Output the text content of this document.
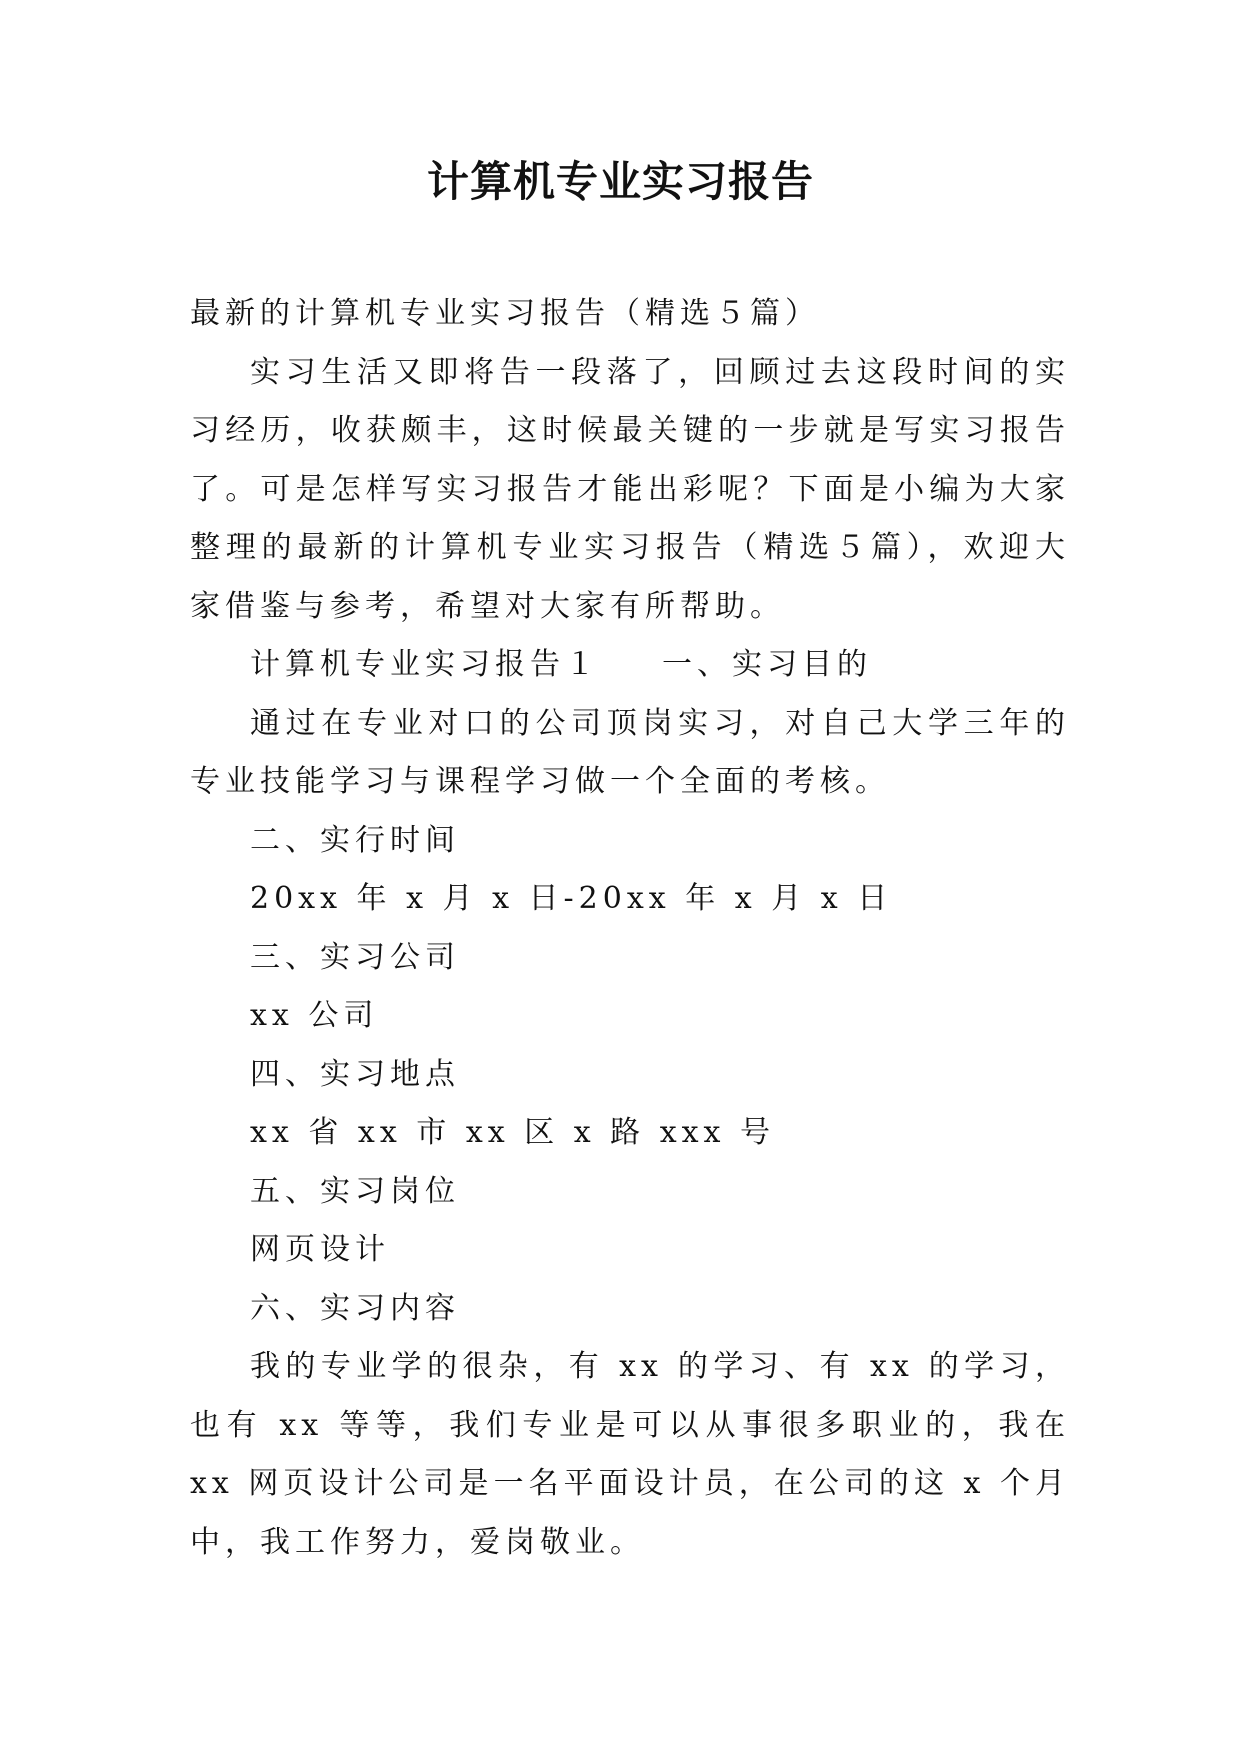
计算机专业实习报告

最新的计算机专业实习报告（精选５篇）

实习生活又即将告一段落了，回顾过去这段时间的实习经历，收获颇丰，这时候最关键的一步就是写实习报告了。可是怎样写实习报告才能出彩呢？下面是小编为大家整理的最新的计算机专业实习报告（精选５篇），欢迎大家借鉴与参考，希望对大家有所帮助。

计算机专业实习报告１ 一、实习目的

通过在专业对口的公司顶岗实习，对自己大学三年的专业技能学习与课程学习做一个全面的考核。

二、实行时间

20xx 年 x 月 x 日-20xx 年 x 月 x 日

三、实习公司

xx 公司

四、实习地点

xx 省 xx 市 xx 区 x 路 xxx 号

五、实习岗位

网页设计

六、实习内容

我的专业学的很杂，有 xx 的学习、有 xx 的学习，也有 xx 等等，我们专业是可以从事很多职业的，我在 xx 网页设计公司是一名平面设计员，在公司的这 x 个月中，我工作努力，爱岗敬业。
